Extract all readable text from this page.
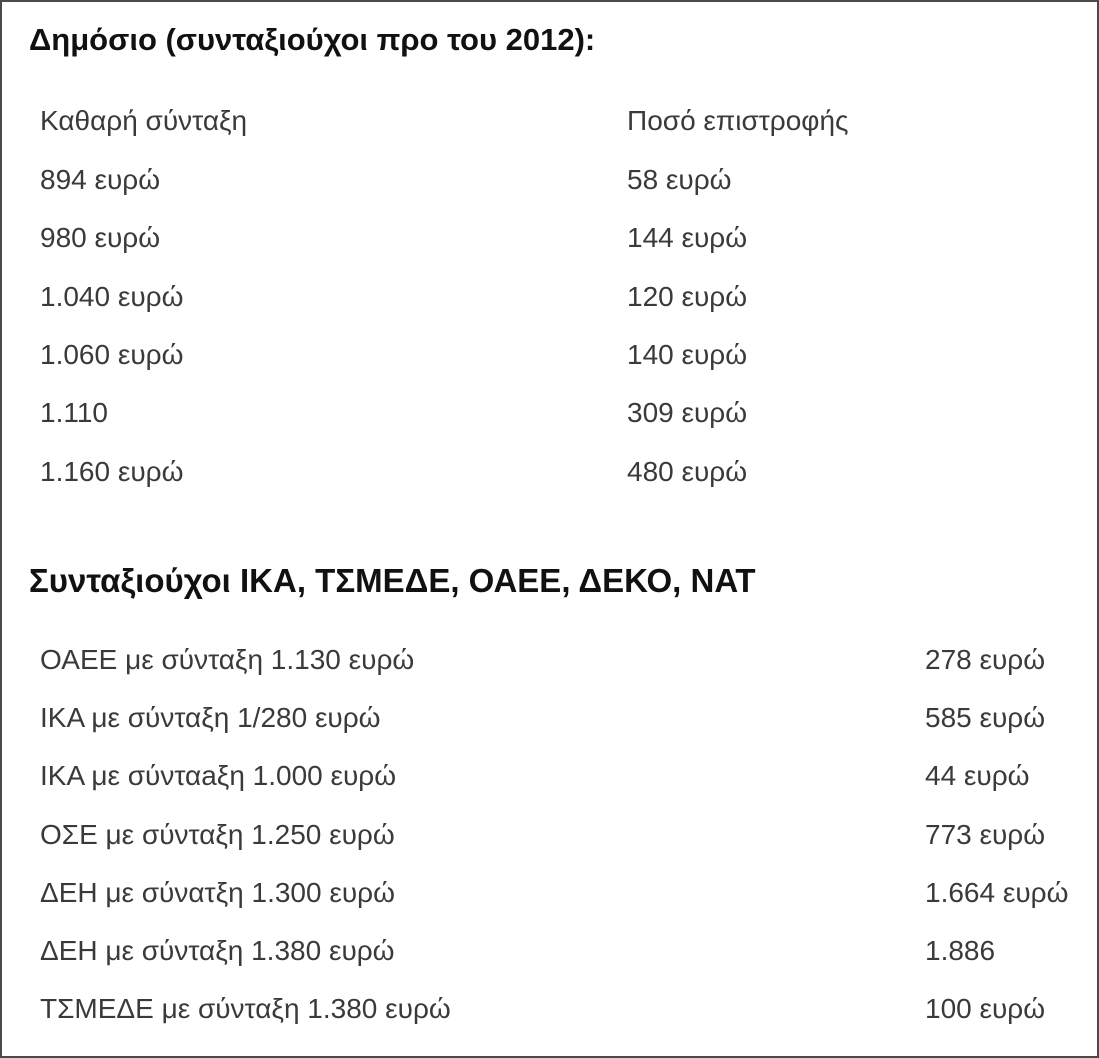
Δημόσιο (συνταξιούχοι προ του 2012):
Καθαρή σύνταξη	Ποσό επιστροφής
894 ευρώ	58 ευρώ
980 ευρώ	144 ευρώ
1.040 ευρώ	120 ευρώ
1.060 ευρώ	140 ευρώ
1.110	309 ευρώ
1.160 ευρώ	480 ευρώ
Συνταξιούχοι ΙΚΑ, ΤΣΜΕΔΕ, ΟΑΕΕ, ΔΕΚΟ, ΝΑΤ
ΟΑΕΕ με σύνταξη 1.130 ευρώ	278 ευρώ
ΙΚΑ με σύνταξη 1/280 ευρώ	585 ευρώ
ΙΚΑ με σύνταaξη 1.000 ευρώ	44 ευρώ
ΟΣΕ με σύνταξη 1.250 ευρώ	773 ευρώ
ΔΕΗ με σύνατξη 1.300 ευρώ	1.664 ευρώ
ΔΕΗ με σύνταξη 1.380 ευρώ	1.886
ΤΣΜΕΔΕ με σύνταξη 1.380 ευρώ	100 ευρώ
